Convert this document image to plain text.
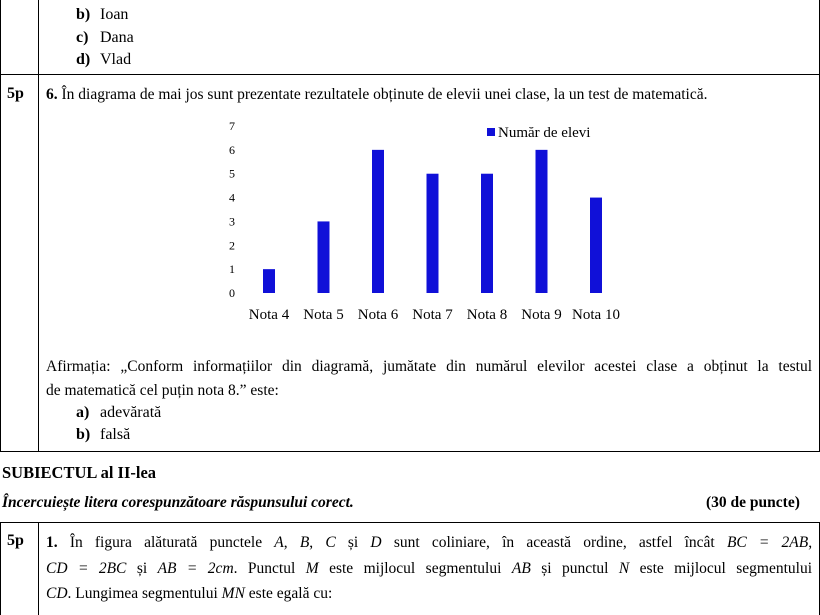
b) Ioan
c) Dana
d) Vlad
5p 6. În diagrama de mai jos sunt prezentate rezultatele obținute de elevii unei clase, la un test de matematică.
0
1
2
3
4
5
6
7
Nota 4 Nota 5 Nota 6 Nota 7 Nota 8 Nota 9 Nota 10
Număr de elevi
Afirmația: „Conform informațiilor din diagramă, jumătate din numărul elevilor acestei clase a obținut la testul
de matematică cel puțin nota 8.” este:
a) adevărată
b) falsă
SUBIECTUL al II-lea
Încercuiește litera corespunzătoare răspunsului corect.	(30 de puncte)
5p 1. În figura alăturată punctele A, B, C și D sunt coliniare, în această ordine, astfel încât BC = 2AB,
CD = 2BC și AB = 2cm. Punctul M este mijlocul segmentului AB și punctul N este mijlocul segmentului
CD. Lungimea segmentului MN este egală cu:
